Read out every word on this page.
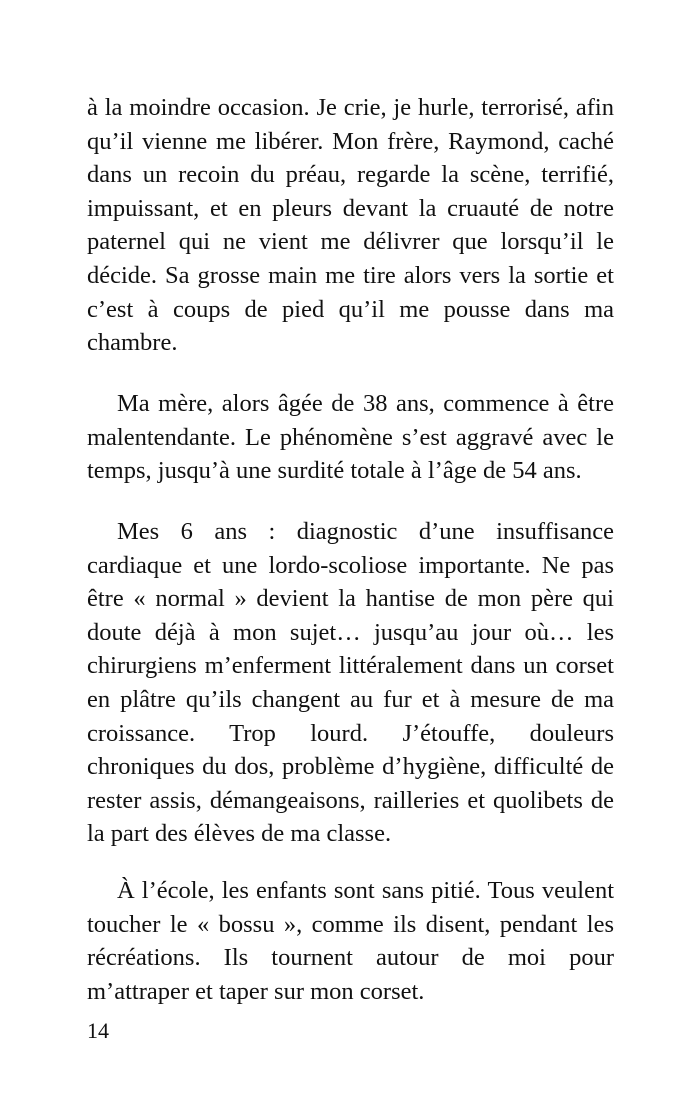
à la moindre occasion. Je crie, je hurle, terrorisé, afin
qu’il vienne me libérer. Mon frère, Raymond, caché
dans un recoin du préau, regarde la scène, terrifié,
impuissant, et en pleurs devant la cruauté de notre
paternel qui ne vient me délivrer que lorsqu’il le
décide. Sa grosse main me tire alors vers la sortie et
c’est à coups de pied qu’il me pousse dans ma
chambre.

Ma mère, alors âgée de 38 ans, commence à être
malentendante. Le phénomène s’est aggravé avec le
temps, jusqu’à une surdité totale à l’âge de 54 ans.

Mes 6 ans : diagnostic d’une insuffisance
cardiaque et une lordo-scoliose importante. Ne pas
être « normal » devient la hantise de mon père qui
doute déjà à mon sujet… jusqu’au jour où… les
chirurgiens m’enferment littéralement dans un corset
en plâtre qu’ils changent au fur et à mesure de ma
croissance. Trop lourd. J’étouffe, douleurs
chroniques du dos, problème d’hygiène, difficulté de
rester assis, démangeaisons, railleries et quolibets de
la part des élèves de ma classe.

À l’école, les enfants sont sans pitié. Tous veulent
toucher le « bossu », comme ils disent, pendant les
récréations. Ils tournent autour de moi pour
m’attraper et taper sur mon corset.

14
